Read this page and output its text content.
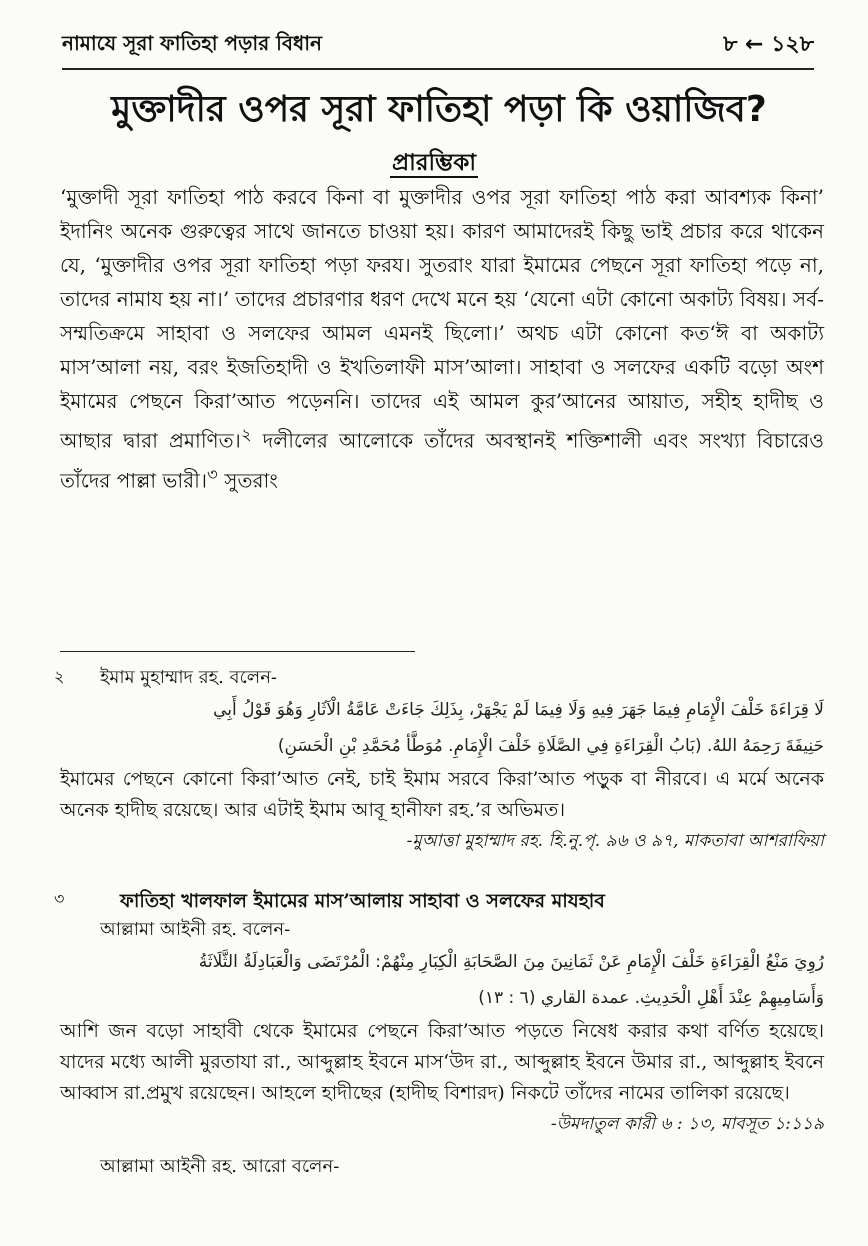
নামাযে সূরা ফাতিহা পড়ার বিধান	৮ ← ১২৮
মুক্তাদীর ওপর সূরা ফাতিহা পড়া কি ওয়াজিব?
প্রারম্ভিকা

‘মুক্তাদী সূরা ফাতিহা পাঠ করবে কিনা বা মুক্তাদীর ওপর সূরা ফাতিহা পাঠ করা আবশ্যক কিনা’ ইদানিং অনেক গুরুত্বের সাথে জানতে চাওয়া হয়। কারণ আমাদেরই কিছু ভাই প্রচার করে থাকেন যে, ‘মুক্তাদীর ওপর সূরা ফাতিহা পড়া ফরয। সুতরাং যারা ইমামের পেছনে সূরা ফাতিহা পড়ে না, তাদের নামায হয় না।’ তাদের প্রচারণার ধরণ দেখে মনে হয় ‘যেনো এটা কোনো অকাট্য বিষয়। সর্ব-সম্মতিক্রমে সাহাবা ও সলফের আমল এমনই ছিলো।’ অথচ এটা কোনো কত‘ঈ বা অকাট্য মাস’আলা নয়, বরং ইজতিহাদী ও ইখতিলাফী মাস’আলা। সাহাবা ও সলফের একটি বড়ো অংশ ইমামের পেছনে কিরা’আত পড়েননি। তাদের এই আমল কুর’আনের আয়াত, সহীহ হাদীছ ও আছার দ্বারা প্রমাণিত।$^২$ দলীলের আলোকে তাঁদের অবস্থানই শক্তিশালী এবং সংখ্যা বিচারেও তাঁদের পাল্লা ভারী।$^৩$ সুতরাং

২	ইমাম মুহাম্মাদ রহ. বলেন-
لَا قِرَاءَةَ خَلْفَ الْإِمَامِ فِيمَا جَهَرَ فِيهِ وَلَا فِيمَا لَمْ يَجْهَرْ، بِذَلِكَ جَاءَتْ عَامَّةُ الْآثَارِ وَهُوَ قَوْلُ أَبِي
حَنِيفَةَ رَحِمَهُ اللهُ. (بَابُ الْقِرَاءَةِ فِي الصَّلَاةِ خَلْفَ الْإِمَامِ. مُوَطَّأ مُحَمَّدِ بْنِ الْحَسَنِ)
ইমামের পেছনে কোনো কিরা’আত নেই, চাই ইমাম সরবে কিরা’আত পড়ুক বা নীরবে। এ মর্মে অনেক অনেক হাদীছ রয়েছে। আর এটাই ইমাম আবূ হানীফা রহ.’র অভিমত।
-মুআত্তা মুহাম্মাদ রহ. হি.নু.পৃ. ৯৬ ও ৯৭, মাকতাবা আশরাফিয়া
৩	ফাতিহা খালফাল ইমামের মাস’আলায় সাহাবা ও সলফের মাযহাব
আল্লামা আইনী রহ. বলেন-
رُوِيَ مَنْعُ الْقِرَاءَةِ خَلْفَ الْإِمَامِ عَنْ ثَمَانِينَ مِنَ الصَّحَابَةِ الْكِبَارِ مِنْهُمْ: الْمُرْتَضَى وَالْعَبَادِلَةُ الثَّلَاثَةُ
وَأَسَامِيهِمْ عِنْدَ أَهْلِ الْحَدِيثِ. عمدة القاري (٦ : ١٣)
আশি জন বড়ো সাহাবী থেকে ইমামের পেছনে কিরা’আত পড়তে নিষেধ করার কথা বর্ণিত হয়েছে। যাদের মধ্যে আলী মুরতাযা রা., আব্দুল্লাহ ইবনে মাস‘উদ রা., আব্দুল্লাহ ইবনে উমার রা., আব্দুল্লাহ ইবনে আব্বাস রা.প্রমুখ রয়েছেন। আহলে হাদীছের (হাদীছ বিশারদ) নিকটে তাঁদের নামের তালিকা রয়েছে।
-উমদাতুল কারী ৬ : ১৩, মাবসূত ১:১১৯
আল্লামা আইনী রহ. আরো বলেন-
